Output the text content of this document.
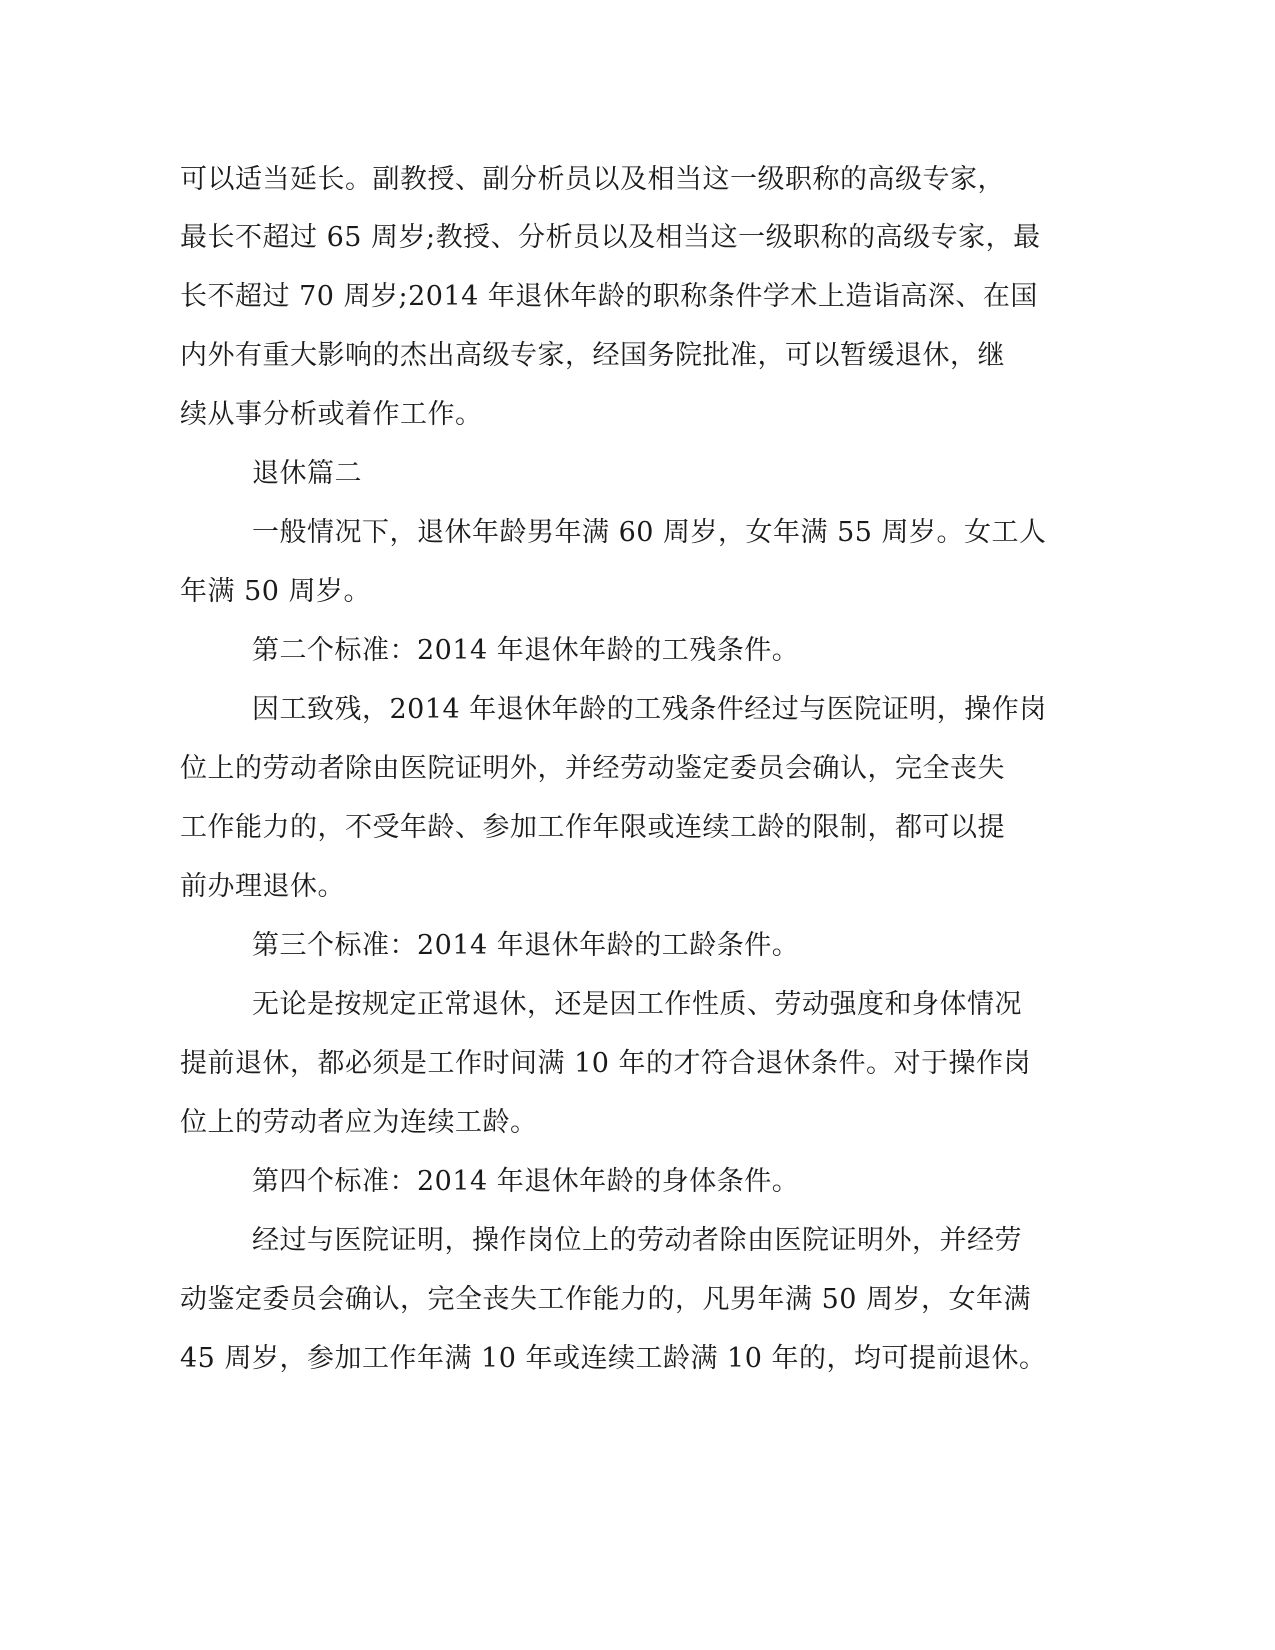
可以适当延长。副教授、副分析员以及相当这一级职称的高级专家，
最长不超过 65 周岁;教授、分析员以及相当这一级职称的高级专家，最
长不超过 70 周岁;2014 年退休年龄的职称条件学术上造诣高深、在国
内外有重大影响的杰出高级专家，经国务院批准，可以暂缓退休，继
续从事分析或着作工作。
退休篇二
一般情况下，退休年龄男年满 60 周岁，女年满 55 周岁。女工人
年满 50 周岁。
第二个标准：2014 年退休年龄的工残条件。
因工致残，2014 年退休年龄的工残条件经过与医院证明，操作岗
位上的劳动者除由医院证明外，并经劳动鉴定委员会确认，完全丧失
工作能力的，不受年龄、参加工作年限或连续工龄的限制，都可以提
前办理退休。
第三个标准：2014 年退休年龄的工龄条件。
无论是按规定正常退休，还是因工作性质、劳动强度和身体情况
提前退休，都必须是工作时间满 10 年的才符合退休条件。对于操作岗
位上的劳动者应为连续工龄。
第四个标准：2014 年退休年龄的身体条件。
经过与医院证明，操作岗位上的劳动者除由医院证明外，并经劳
动鉴定委员会确认，完全丧失工作能力的，凡男年满 50 周岁，女年满
45 周岁，参加工作年满 10 年或连续工龄满 10 年的，均可提前退休。
